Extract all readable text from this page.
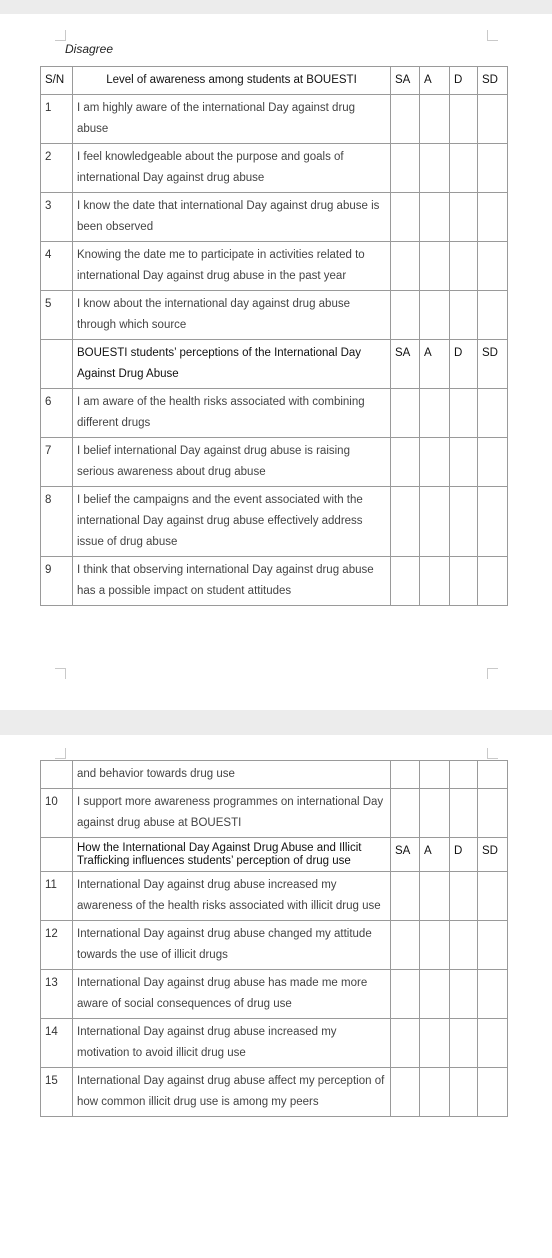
Disagree
S/N	Level of awareness among students at BOUESTI	SA	A	D	SD
1	I am highly aware of the international Day against drug abuse				
2	I feel knowledgeable about the purpose and goals of international Day against drug abuse				
3	I know the date that international Day against drug abuse is been observed				
4	Knowing the date me to participate in activities related to international Day against drug abuse in the past year				
5	I know about the international day against drug abuse through which source				
	BOUESTI students’ perceptions of the International Day Against Drug Abuse	SA	A	D	SD
6	I am aware of the health risks associated with combining different drugs				
7	I belief international Day against drug abuse is raising serious awareness about drug abuse				
8	I belief the campaigns and the event associated with the international Day against drug abuse effectively address issue of drug abuse				
9	I think that observing international Day against drug abuse has a possible impact on student attitudes				
	and behavior towards drug use				
10	I support more awareness programmes on international Day against drug abuse at BOUESTI				
	How the International Day Against Drug Abuse and Illicit Trafficking influences students’ perception of drug use	SA	A	D	SD
11	International Day against drug abuse increased my awareness of the health risks associated with illicit drug use				
12	International Day against drug abuse changed my attitude towards the use of illicit drugs				
13	International Day against drug abuse has made me more aware of social consequences of drug use				
14	International Day against drug abuse increased my motivation to avoid illicit drug use				
15	International Day against drug abuse affect my perception of how common illicit drug use is among my peers				
